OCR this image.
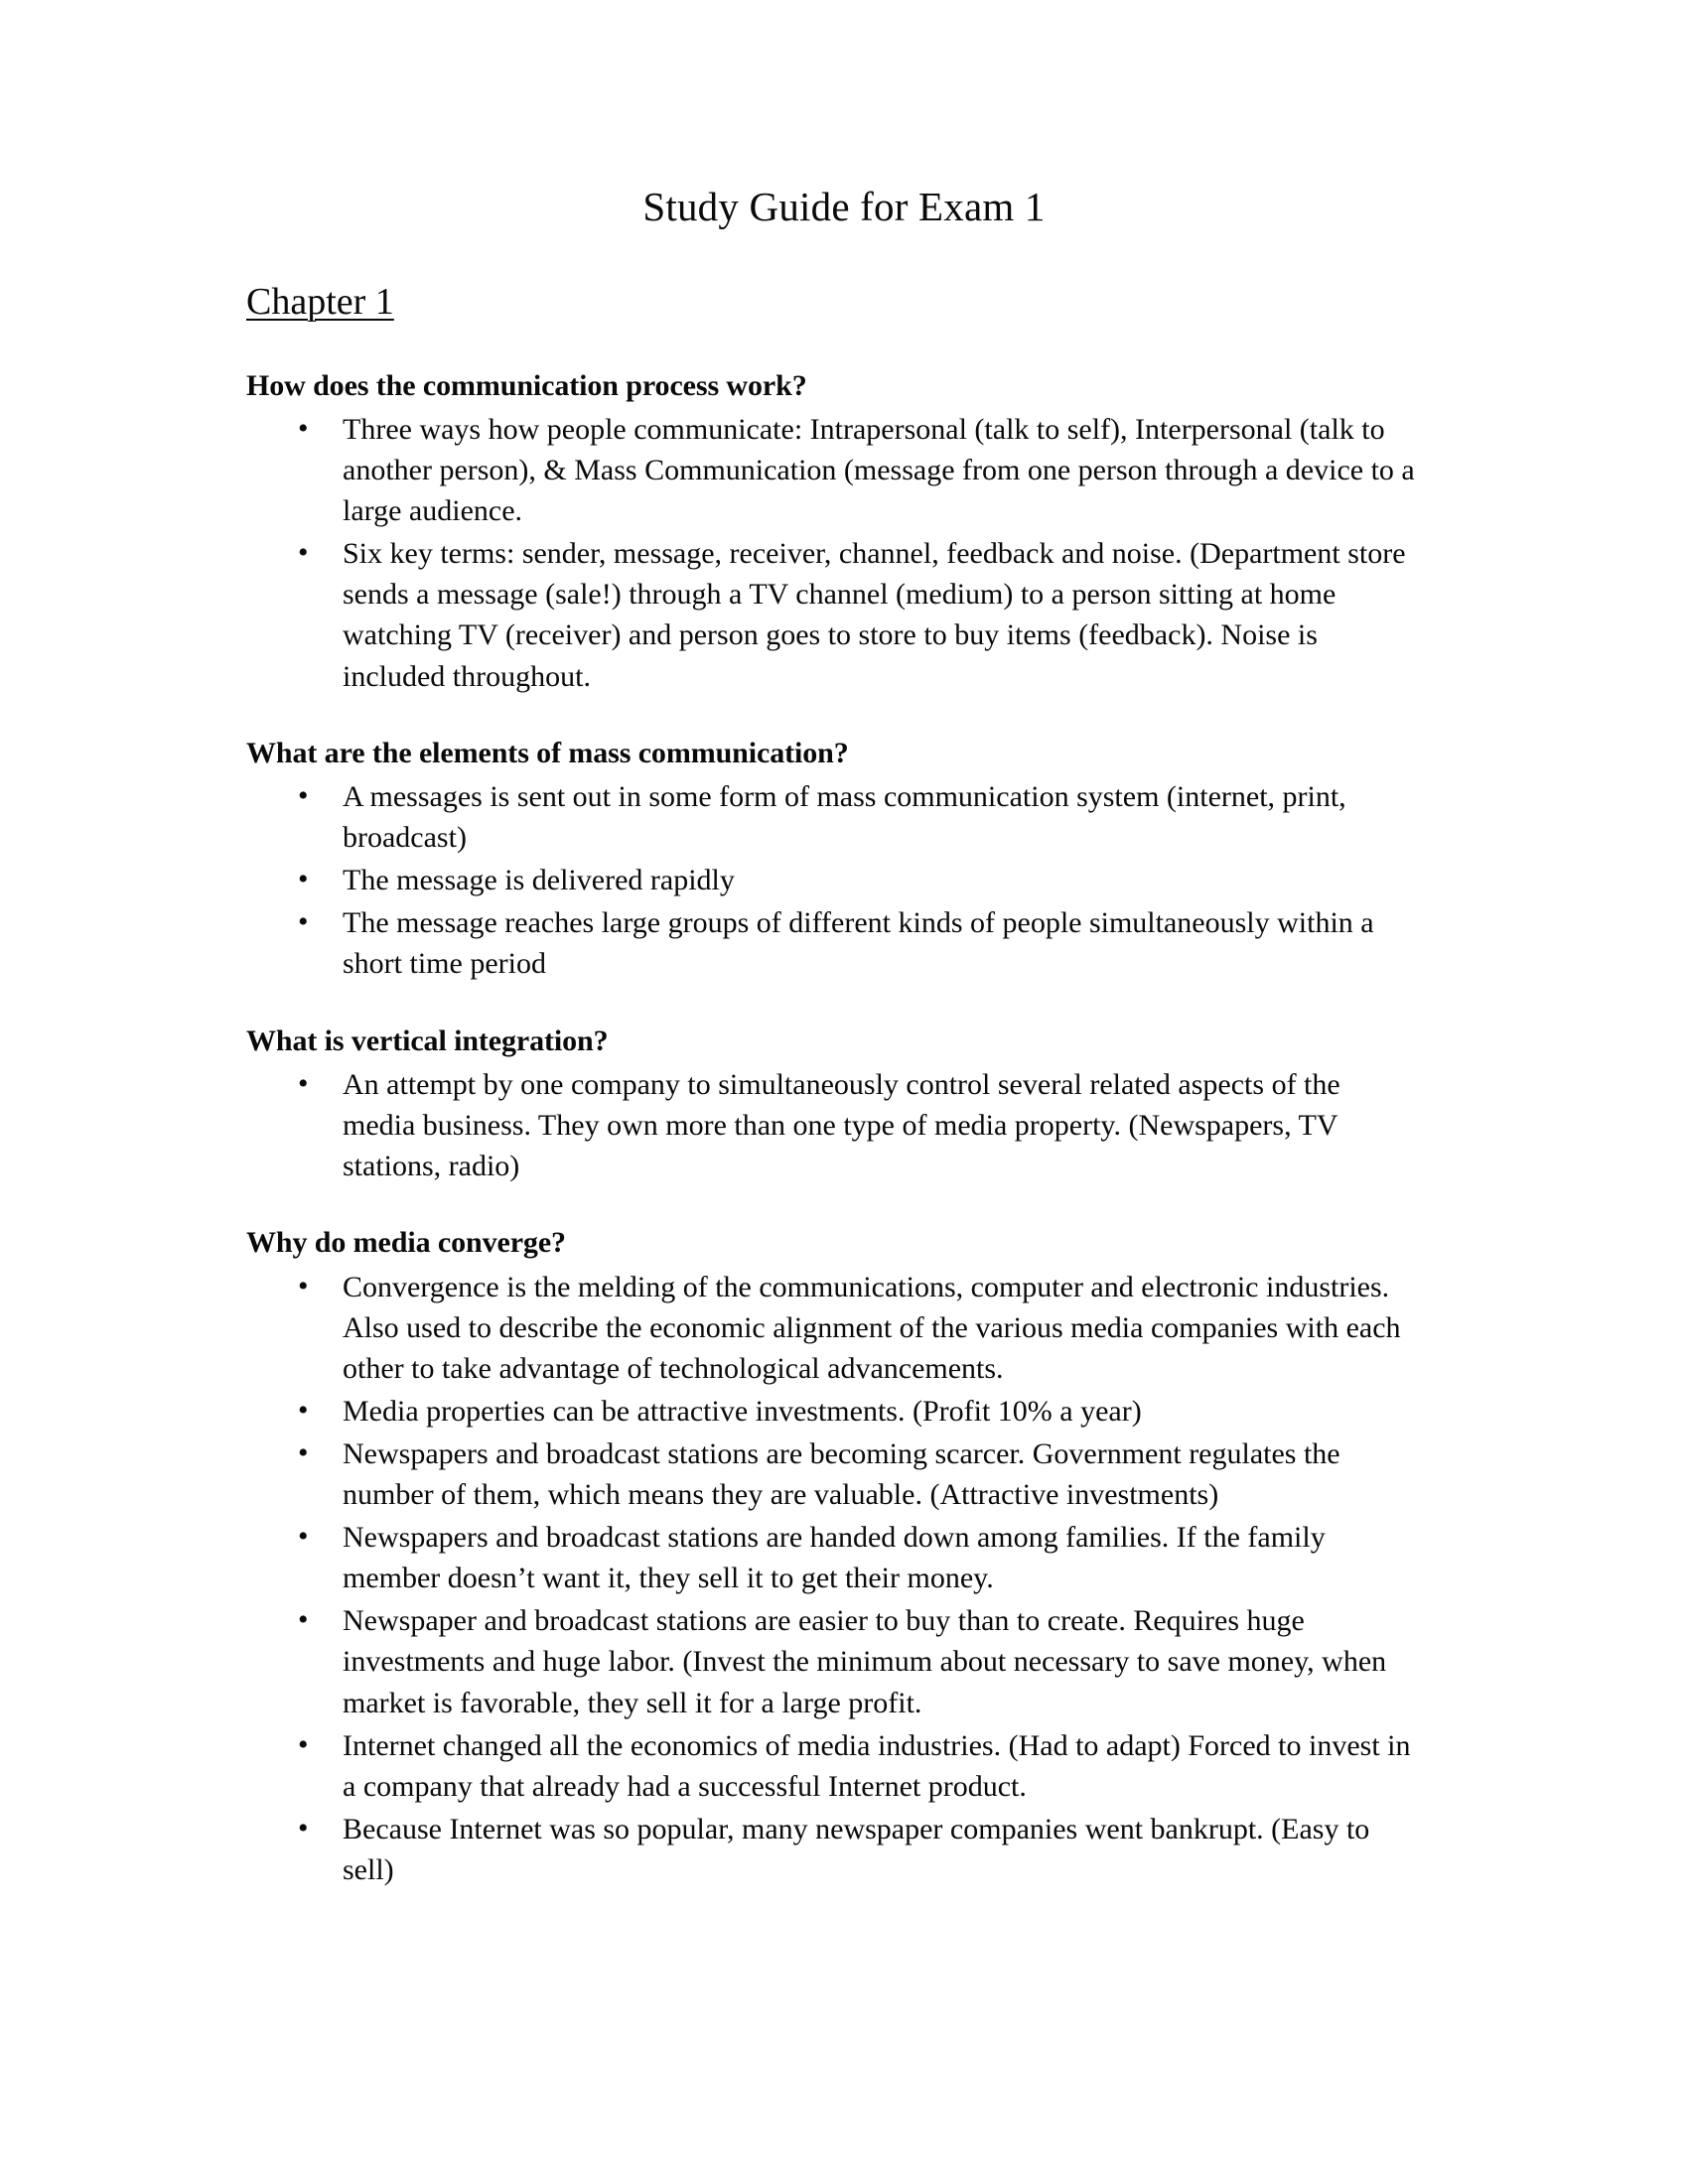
Study Guide for Exam 1
Chapter 1
How does the communication process work?
• Three ways how people communicate: Intrapersonal (talk to self), Interpersonal (talk to another person), & Mass Communication (message from one person through a device to a large audience.
• Six key terms: sender, message, receiver, channel, feedback and noise. (Department store sends a message (sale!) through a TV channel (medium) to a person sitting at home watching TV (receiver) and person goes to store to buy items (feedback). Noise is included throughout.
What are the elements of mass communication?
• A messages is sent out in some form of mass communication system (internet, print, broadcast)
• The message is delivered rapidly
• The message reaches large groups of different kinds of people simultaneously within a short time period
What is vertical integration?
• An attempt by one company to simultaneously control several related aspects of the media business. They own more than one type of media property. (Newspapers, TV stations, radio)
Why do media converge?
• Convergence is the melding of the communications, computer and electronic industries. Also used to describe the economic alignment of the various media companies with each other to take advantage of technological advancements.
• Media properties can be attractive investments. (Profit 10% a year)
• Newspapers and broadcast stations are becoming scarcer. Government regulates the number of them, which means they are valuable. (Attractive investments)
• Newspapers and broadcast stations are handed down among families. If the family member doesn’t want it, they sell it to get their money.
• Newspaper and broadcast stations are easier to buy than to create. Requires huge investments and huge labor. (Invest the minimum about necessary to save money, when market is favorable, they sell it for a large profit.
• Internet changed all the economics of media industries. (Had to adapt) Forced to invest in a company that already had a successful Internet product.
• Because Internet was so popular, many newspaper companies went bankrupt. (Easy to sell)
